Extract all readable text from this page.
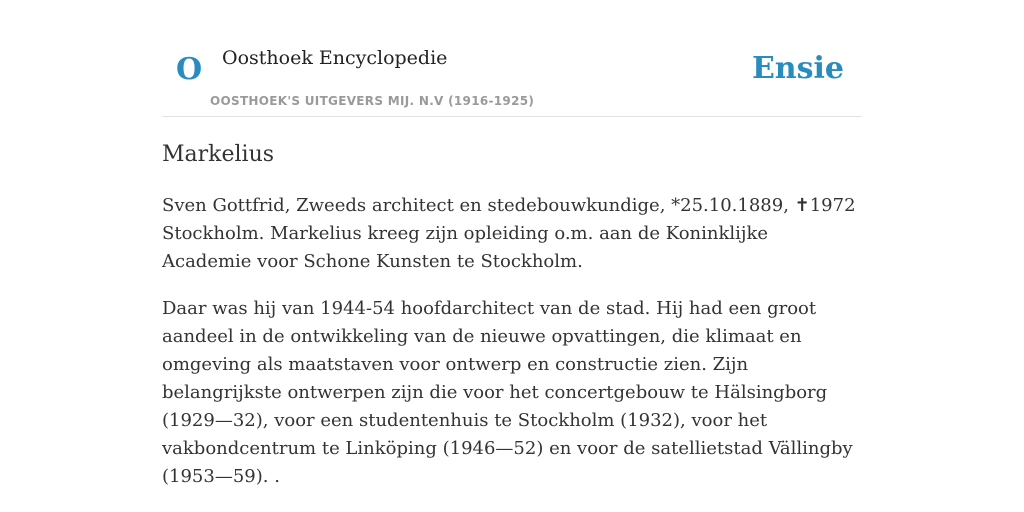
O Oosthoek Encyclopedie
OOSTHOEK'S UITGEVERS MIJ. N.V (1916-1925)
Ensie
Markelius

Sven Gottfrid, Zweeds architect en stedebouwkundige, *25.10.1889, ✝1972 Stockholm. Markelius kreeg zijn opleiding o.m. aan de Koninklijke Academie voor Schone Kunsten te Stockholm.

Daar was hij van 1944-54 hoofdarchitect van de stad. Hij had een groot aandeel in de ontwikkeling van de nieuwe opvattingen, die klimaat en omgeving als maatstaven voor ontwerp en constructie zien. Zijn belangrijkste ontwerpen zijn die voor het concertgebouw te Hälsingborg (1929—32), voor een studentenhuis te Stockholm (1932), voor het vakbondcentrum te Linköping (1946—52) en voor de satellietstad Vällingby (1953—59). .
